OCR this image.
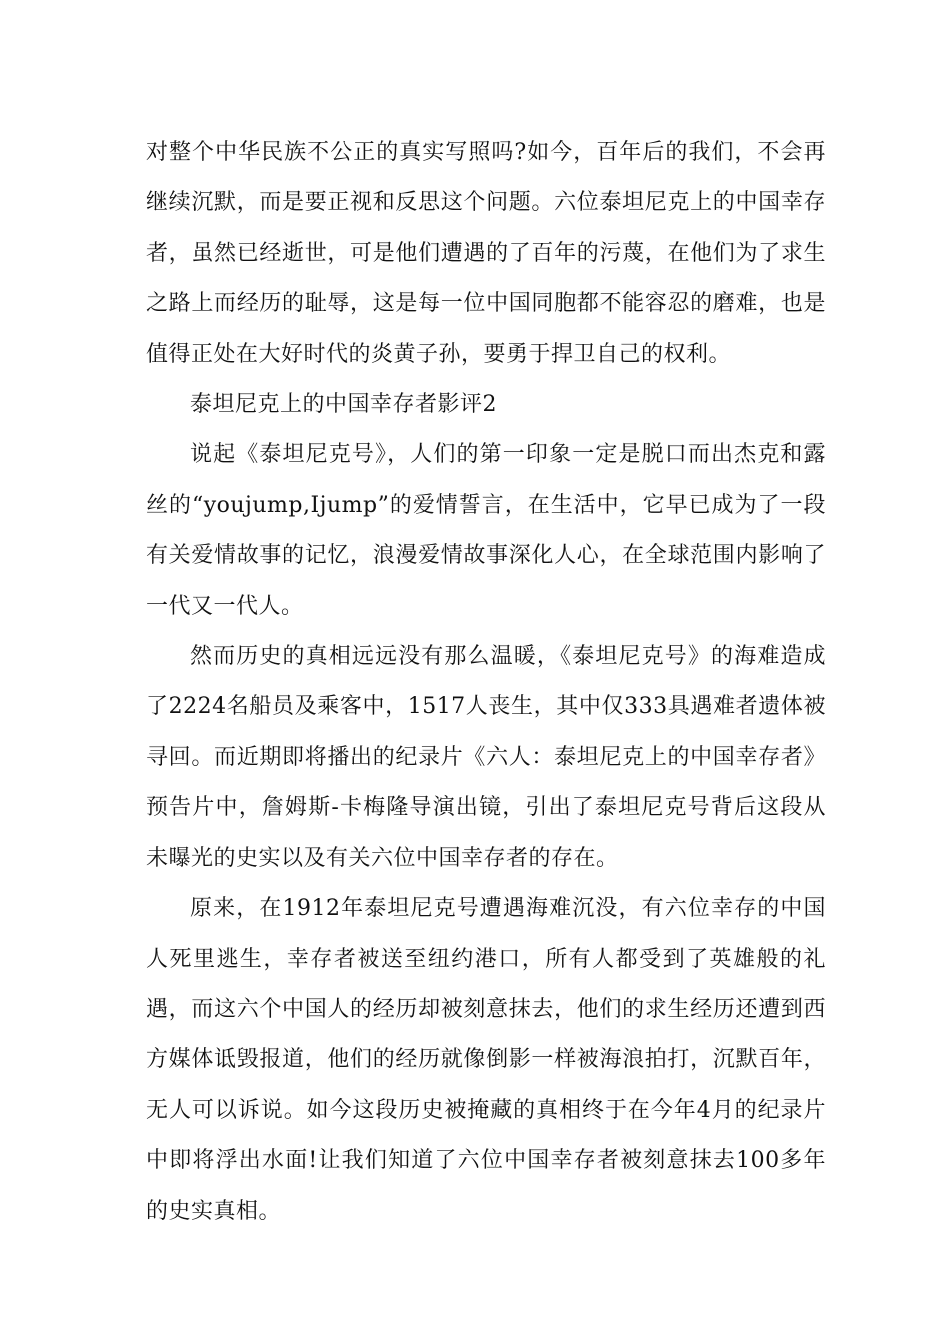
对整个中华民族不公正的真实写照吗?如今，百年后的我们，不会再继续沉默，而是要正视和反思这个问题。六位泰坦尼克上的中国幸存者，虽然已经逝世，可是他们遭遇的了百年的污蔑，在他们为了求生之路上而经历的耻辱，这是每一位中国同胞都不能容忍的磨难，也是值得正处在大好时代的炎黄子孙，要勇于捍卫自己的权利。

泰坦尼克上的中国幸存者影评2

说起《泰坦尼克号》，人们的第一印象一定是脱口而出杰克和露丝的“youjump,Ijump”的爱情誓言，在生活中，它早已成为了一段有关爱情故事的记忆，浪漫爱情故事深化人心，在全球范围内影响了一代又一代人。

然而历史的真相远远没有那么温暖，《泰坦尼克号》的海难造成了2224名船员及乘客中，1517人丧生，其中仅333具遇难者遗体被寻回。而近期即将播出的纪录片《六人：泰坦尼克上的中国幸存者》预告片中，詹姆斯-卡梅隆导演出镜，引出了泰坦尼克号背后这段从未曝光的史实以及有关六位中国幸存者的存在。

原来，在1912年泰坦尼克号遭遇海难沉没，有六位幸存的中国人死里逃生，幸存者被送至纽约港口，所有人都受到了英雄般的礼遇，而这六个中国人的经历却被刻意抹去，他们的求生经历还遭到西方媒体诋毁报道，他们的经历就像倒影一样被海浪拍打，沉默百年，无人可以诉说。如今这段历史被掩藏的真相终于在今年4月的纪录片中即将浮出水面!让我们知道了六位中国幸存者被刻意抹去100多年的史实真相。
